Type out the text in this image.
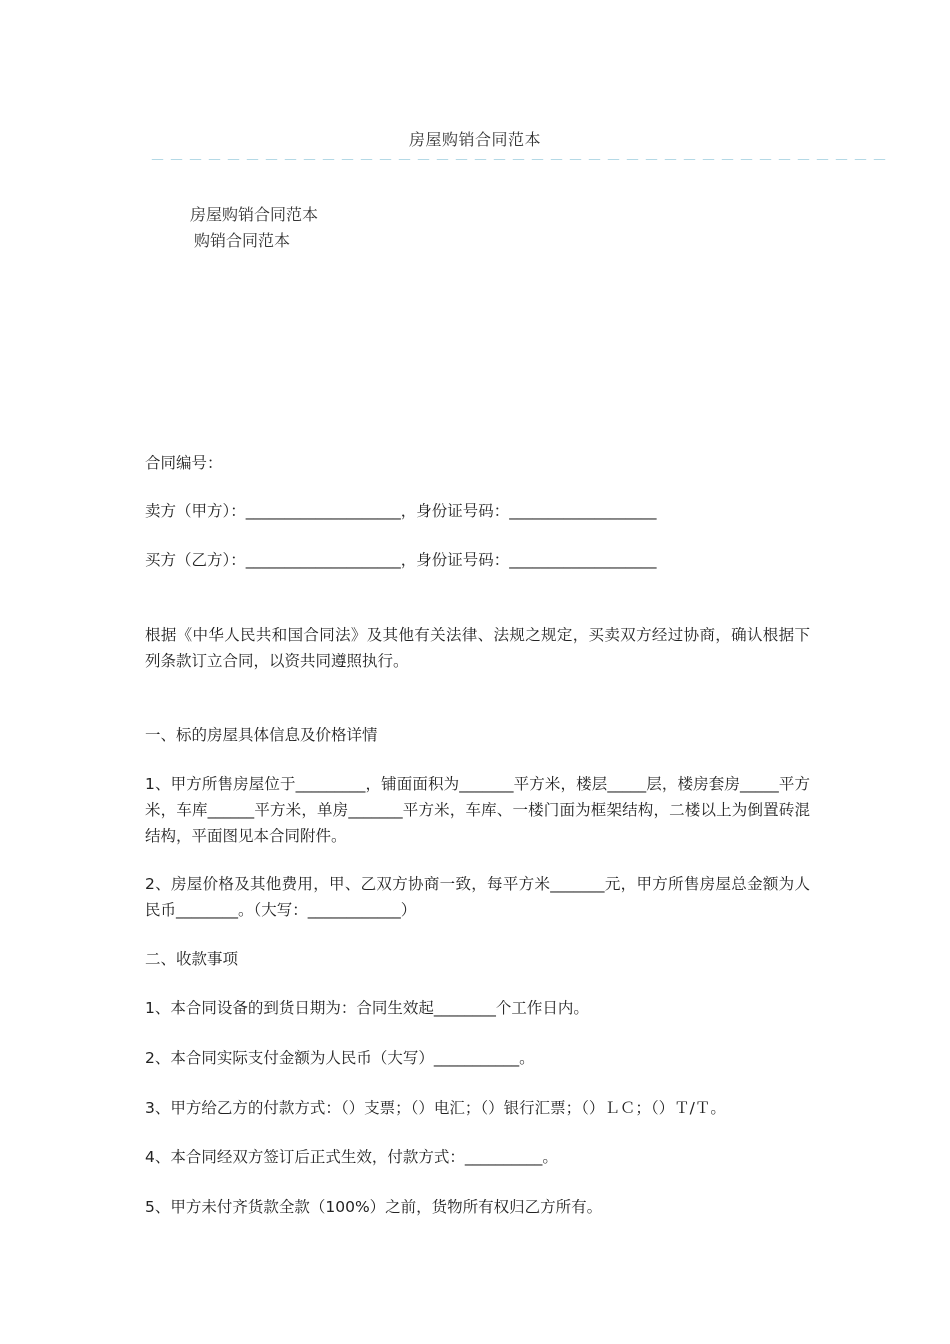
房屋购销合同范本
－－－－－－－－－－－－－－－－－－－－－－－－－－－－－－－－－－－－－－－
房屋购销合同范本
购销合同范本
合同编号：
卖方（甲方）：____________________，身份证号码：___________________
买方（乙方）：____________________，身份证号码：___________________
根据《中华人民共和国合同法》及其他有关法律、法规之规定，买卖双方经过协商，确认根据下列条款订立合同，以资共同遵照执行。
一、标的房屋具体信息及价格详情
1、甲方所售房屋位于_________，铺面面积为_______平方米，楼层_____层，楼房套房_____平方米，车库______平方米，单房_______平方米，车库、一楼门面为框架结构，二楼以上为倒置砖混结构，平面图见本合同附件。
2、房屋价格及其他费用，甲、乙双方协商一致，每平方米_______元，甲方所售房屋总金额为人民币________。（大写：____________）
二、收款事项
1、本合同设备的到货日期为：合同生效起________个工作日内。
2、本合同实际支付金额为人民币（大写）___________。
3、甲方给乙方的付款方式：（）支票；（）电汇；（）银行汇票；（）ＬＣ；（）Ｔ/Ｔ。
4、本合同经双方签订后正式生效，付款方式：__________。
5、甲方未付齐货款全款（100%）之前，货物所有权归乙方所有。
